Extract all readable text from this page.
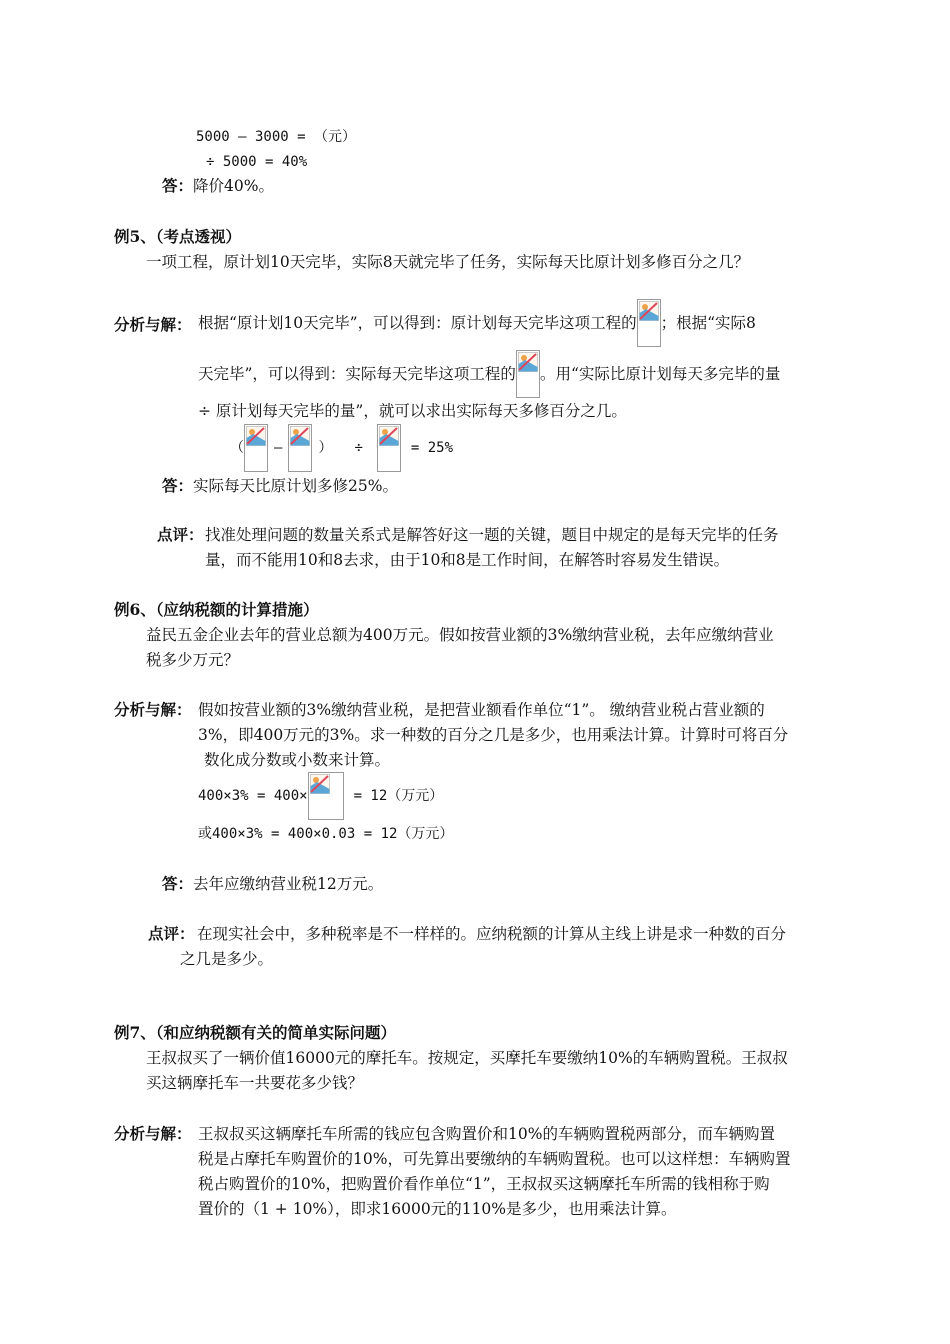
5000 – 3000 = （元）
÷ 5000 = 40%
答：降价40%。
例5、（考点透视）
一项工程，原计划10天完毕，实际8天就完毕了任务，实际每天比原计划多修百分之几？
分析与解： 根据“原计划10天完毕”，可以得到：原计划每天完毕这项工程的 ；根据“实际8
天完毕”，可以得到：实际每天完毕这项工程的 。用“实际比原计划每天多完毕的量
÷ 原计划每天完毕的量”，就可以求出实际每天多修百分之几。
（ –	） ÷	= 25%
答：实际每天比原计划多修25%。
点评： 找准处理问题的数量关系式是解答好这一题的关键，题目中规定的是每天完毕的任务
量，而不能用10和8去求，由于10和8是工作时间，在解答时容易发生错误。
例6、（应纳税额的计算措施）
益民五金企业去年的营业总额为400万元。假如按营业额的3%缴纳营业税，去年应缴纳营业
税多少万元？
分析与解： 假如按营业额的3%缴纳营业税，是把营业额看作单位“1”。 缴纳营业税占营业额的
3%，即400万元的3%。求一种数的百分之几是多少，也用乘法计算。计算时可将百分
数化成分数或小数来计算。
400×3% = 400×	= 12（万元）
或400×3% = 400×0.03 = 12（万元）
答：去年应缴纳营业税12万元。
点评： 在现实社会中，多种税率是不一样样的。应纳税额的计算从主线上讲是求一种数的百分
之几是多少。
例7、（和应纳税额有关的简单实际问题）
王叔叔买了一辆价值16000元的摩托车。按规定，买摩托车要缴纳10%的车辆购置税。王叔叔
买这辆摩托车一共要花多少钱？
分析与解： 王叔叔买这辆摩托车所需的钱应包含购置价和10%的车辆购置税两部分，而车辆购置
税是占摩托车购置价的10%，可先算出要缴纳的车辆购置税。也可以这样想：车辆购置
税占购置价的10%，把购置价看作单位“1”，王叔叔买这辆摩托车所需的钱相称于购
置价的（1 + 10%），即求16000元的110%是多少，也用乘法计算。
